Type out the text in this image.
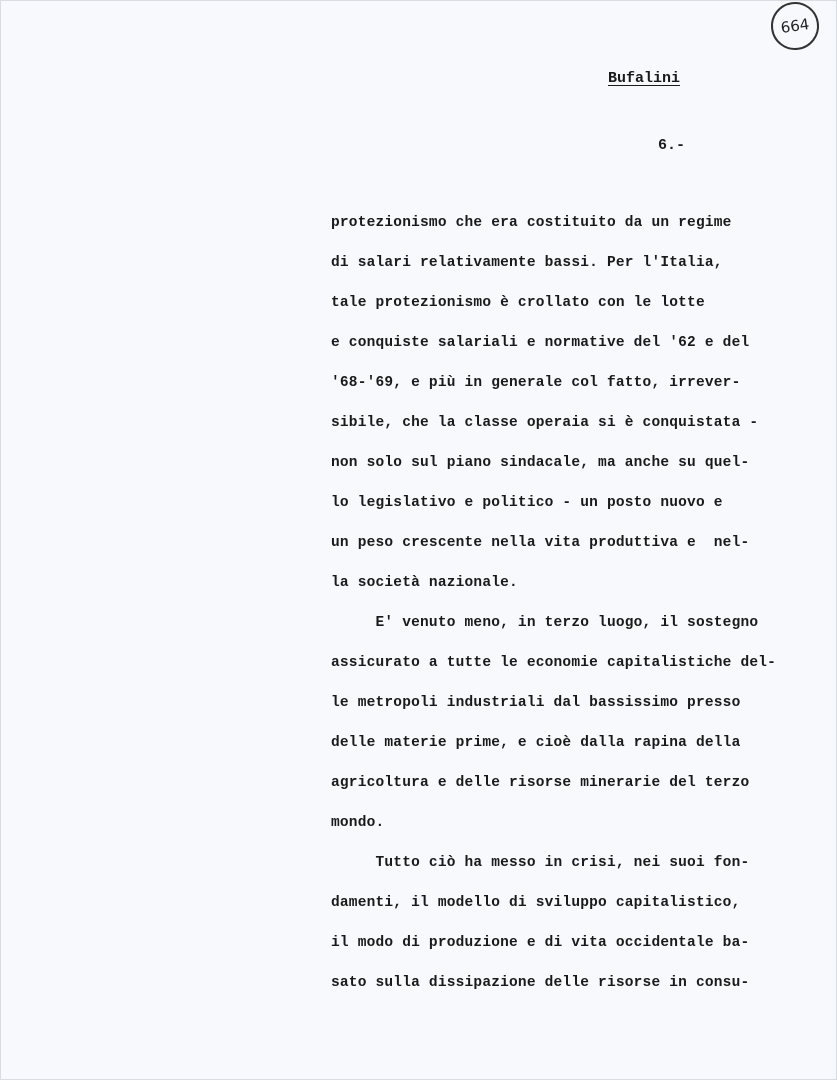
664
Bufalini
6.-
protezionismo che era costituito da un regime
di salari relativamente bassi. Per l'Italia,
tale protezionismo è crollato con le lotte
e conquiste salariali e normative del '62 e del
'68-'69, e più in generale col fatto, irrever-
sibile, che la classe operaia si è conquistata -
non solo sul piano sindacale, ma anche su quel-
lo legislativo e politico - un posto nuovo e
un peso crescente nella vita produttiva e  nel-
la società nazionale.
E' venuto meno, in terzo luogo, il sostegno
assicurato a tutte le economie capitalistiche del-
le metropoli industriali dal bassissimo presso
delle materie prime, e cioè dalla rapina della
agricoltura e delle risorse minerarie del terzo
mondo.
Tutto ciò ha messo in crisi, nei suoi fon-
damenti, il modello di sviluppo capitalistico,
il modo di produzione e di vita occidentale ba-
sato sulla dissipazione delle risorse in consu-
